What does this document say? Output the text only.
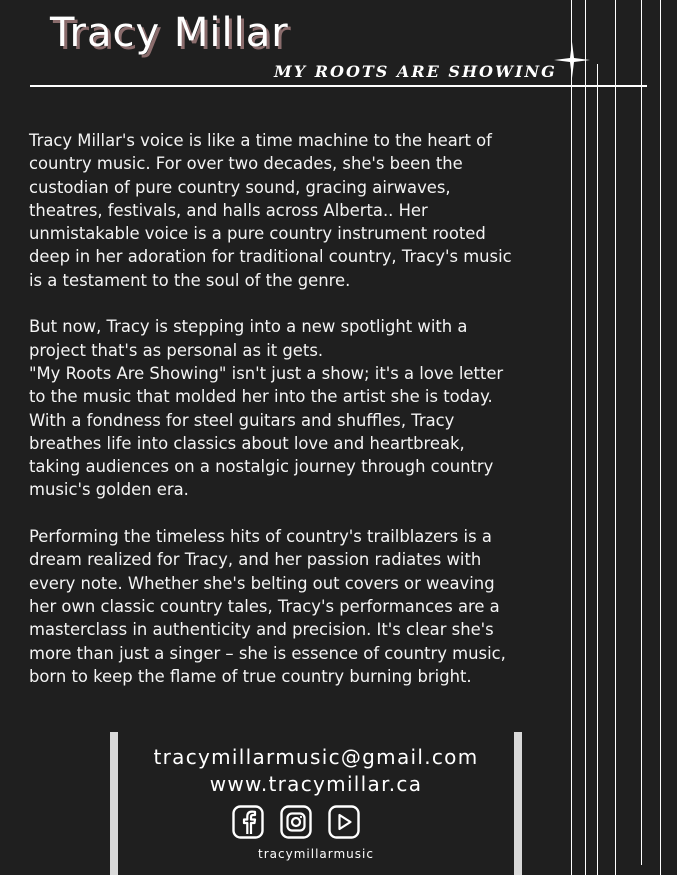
Tracy Millar
MY ROOTS ARE SHOWING

Tracy Millar's voice is like a time machine to the heart of
country music. For over two decades, she's been the
custodian of pure country sound, gracing airwaves,
theatres, festivals, and halls across Alberta.. Her
unmistakable voice is a pure country instrument rooted
deep in her adoration for traditional country, Tracy's music
is a testament to the soul of the genre.

But now, Tracy is stepping into a new spotlight with a
project that's as personal as it gets.
"My Roots Are Showing" isn't just a show; it's a love letter
to the music that molded her into the artist she is today.
With a fondness for steel guitars and shuffles, Tracy
breathes life into classics about love and heartbreak,
taking audiences on a nostalgic journey through country
music's golden era.

Performing the timeless hits of country's trailblazers is a
dream realized for Tracy, and her passion radiates with
every note. Whether she's belting out covers or weaving
her own classic country tales, Tracy's performances are a
masterclass in authenticity and precision. It's clear she's
more than just a singer – she is essence of country music,
born to keep the flame of true country burning bright.

tracymillarmusic@gmail.com
www.tracymillar.ca
tracymillarmusic
